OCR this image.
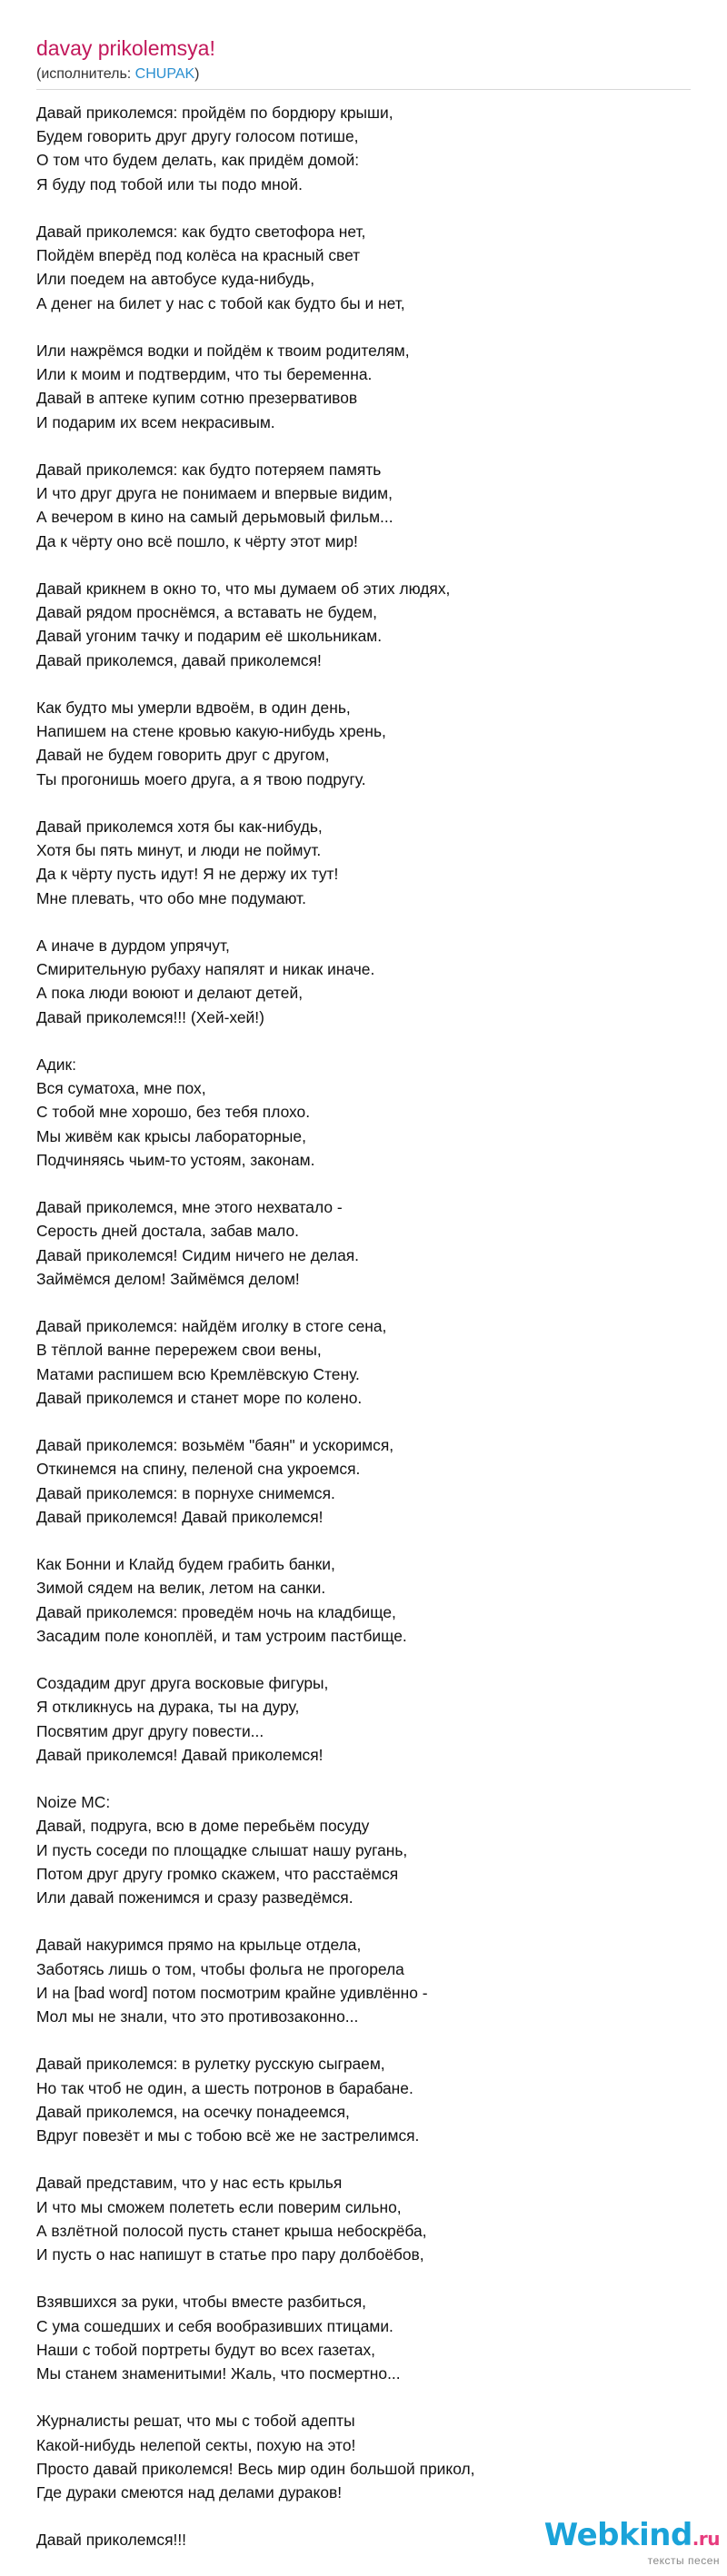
davay prikolemsya!
(исполнитель: CHUPAK)
Давай приколемся: пройдём по бордюру крыши,
Будем говорить друг другу голосом потише,
О том что будем делать, как придём домой:
Я буду под тобой или ты подо мной.
Давай приколемся: как будто светофора нет,
Пойдём вперёд под колёса на красный свет
Или поедем на автобусе куда-нибудь,
А денег на билет у нас с тобой как будто бы и нет,
Или нажрёмся водки и пойдём к твоим родителям,
Или к моим и подтвердим, что ты беременна.
Давай в аптеке купим сотню презервативов
И подарим их всем некрасивым.
Давай приколемся: как будто потеряем память
И что друг друга не понимаем и впервые видим,
А вечером в кино на самый дерьмовый фильм...
Да к чёрту оно всё пошло, к чёрту этот мир!
Давай крикнем в окно то, что мы думаем об этих людях,
Давай рядом проснёмся, а вставать не будем,
Давай угоним тачку и подарим её школьникам.
Давай приколемся, давай приколемся!
Как будто мы умерли вдвоём, в один день,
Напишем на стене кровью какую-нибудь хрень,
Давай не будем говорить друг с другом,
Ты прогонишь моего друга, а я твою подругу.
Давай приколемся хотя бы как-нибудь,
Хотя бы пять минут, и люди не поймут.
Да к чёрту пусть идут! Я не держу их тут!
Мне плевать, что обо мне подумают.
А иначе в дурдом упрячут,
Смирительную рубаху напялят и никак иначе.
А пока люди воюют и делают детей,
Давай приколемся!!! (Хей-хей!)
Адик:
Вся суматоха, мне пох,
С тобой мне хорошо, без тебя плохо.
Мы живём как крысы лабораторные,
Подчиняясь чьим-то устоям, законам.
Давай приколемся, мне этого нехватало -
Серость дней достала, забав мало.
Давай приколемся! Сидим ничего не делая.
Займёмся делом! Займёмся делом!
Давай приколемся: найдём иголку в стоге сена,
В тёплой ванне перережем свои вены,
Матами распишем всю Кремлёвскую Стену.
Давай приколемся и станет море по колено.
Давай приколемся: возьмём "баян" и ускоримся,
Откинемся на спину, пеленой сна укроемся.
Давай приколемся: в порнухе снимемся.
Давай приколемся! Давай приколемся!
Как Бонни и Клайд будем грабить банки,
Зимой сядем на велик, летом на санки.
Давай приколемся: проведём ночь на кладбище,
Засадим поле коноплёй, и там устроим пастбище.
Создадим друг друга восковые фигуры,
Я откликнусь на дурака, ты на дуру,
Посвятим друг другу повести...
Давай приколемся! Давай приколемся!
Noize MC:
Давай, подруга, всю в доме перебьём посуду
И пусть соседи по площадке слышат нашу ругань,
Потом друг другу громко скажем, что расстаёмся
Или давай поженимся и сразу разведёмся.
Давай накуримся прямо на крыльце отдела,
Заботясь лишь о том, чтобы фольга не прогорела
И на [bad word] потом посмотрим крайне удивлённо -
Мол мы не знали, что это противозаконно...
Давай приколемся: в рулетку русскую сыграем,
Но так чтоб не один, а шесть потронов в барабане.
Давай приколемся, на осечку понадеемся,
Вдруг повезёт и мы с тобою всё же не застрелимся.
Давай представим, что у нас есть крылья
И что мы сможем полететь если поверим сильно,
А взлётной полосой пусть станет крыша небоскрёба,
И пусть о нас напишут в статье про пару долбоёбов,
Взявшихся за руки, чтобы вместе разбиться,
С ума сошедших и себя вообразивших птицами.
Наши с тобой портреты будут во всех газетах,
Мы станем знаменитыми! Жаль, что посмертно...
Журналисты решат, что мы с тобой адепты
Какой-нибудь нелепой секты, похую на это!
Просто давай приколемся! Весь мир один большой прикол,
Где дураки смеются над делами дураков!
Давай приколемся!!!	Webkind.ru
тексты песен
